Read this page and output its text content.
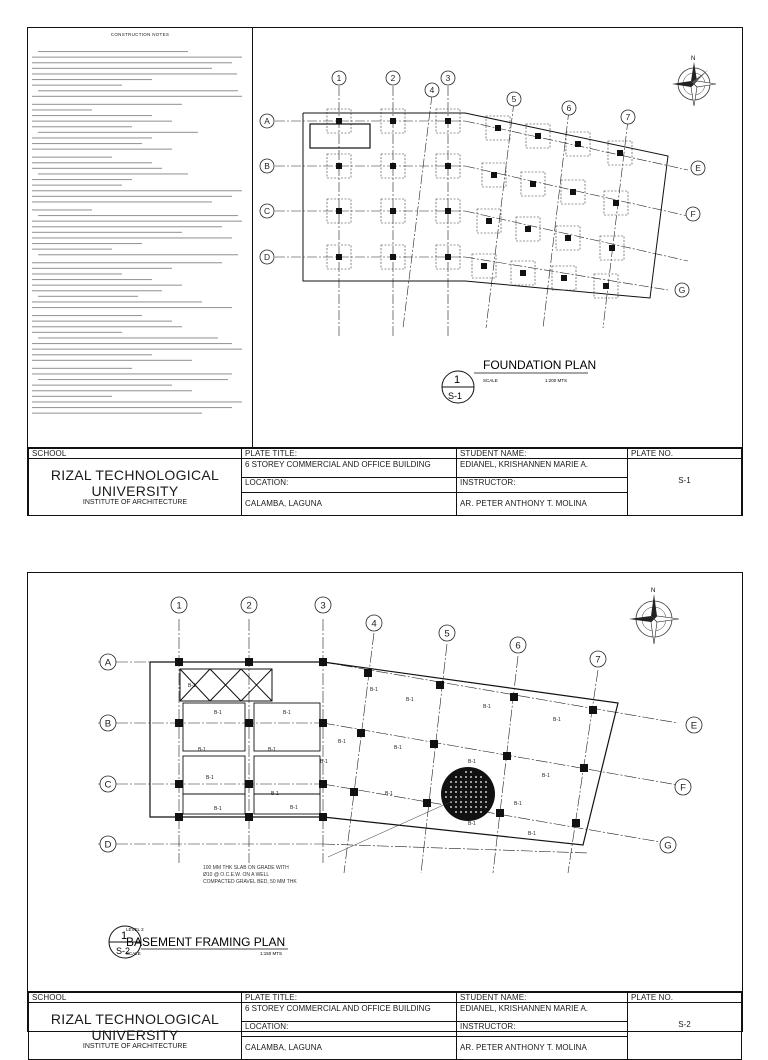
CONSTRUCTION NOTES
1	2	3
4
5
6
7
A
B
C
D
E
F
G
N
1
S-1
FOUNDATION PLAN
SCALE	1:200 MTS
SCHOOL	PLATE TITLE:	STUDENT NAME:	PLATE NO.

RIZAL TECHNOLOGICAL UNIVERSITY
INSTITUTE OF ARCHITECTURE	6 STOREY COMMERCIAL AND OFFICE BUILDING	EDIANEL, KRISHANNEN MARIE A.	S-1
	LOCATION:	INSTRUCTOR:	
	CALAMBA, LAGUNA	AR. PETER ANTHONY T. MOLINA	
1	2	3
4
5
6
7
A
B
C
D
E
F
G
B-1
B-1	B-1
B-1	B-1
B-1
B-1
B-1
B-1	B-1
B-1
B-1
B-1
B-1
B-1
B-1
B-1
B-1
B-1
B-1
B-1
B-1
100 MM THK SLAB ON GRADE WITH
Ø10 @ O.C.E.W. ON A WELL
COMPACTED GRAVEL BED, 50 MM THK
N
1
S-2
LEVEL 2
BASEMENT FRAMING PLAN
SCALE	1:150 MTS
SCHOOL	PLATE TITLE:	STUDENT NAME:	PLATE NO.

RIZAL TECHNOLOGICAL UNIVERSITY
INSTITUTE OF ARCHITECTURE	6 STOREY COMMERCIAL AND OFFICE BUILDING	EDIANEL, KRISHANNEN MARIE A.	S-2
	LOCATION:	INSTRUCTOR:	
	CALAMBA, LAGUNA	AR. PETER ANTHONY T. MOLINA	
